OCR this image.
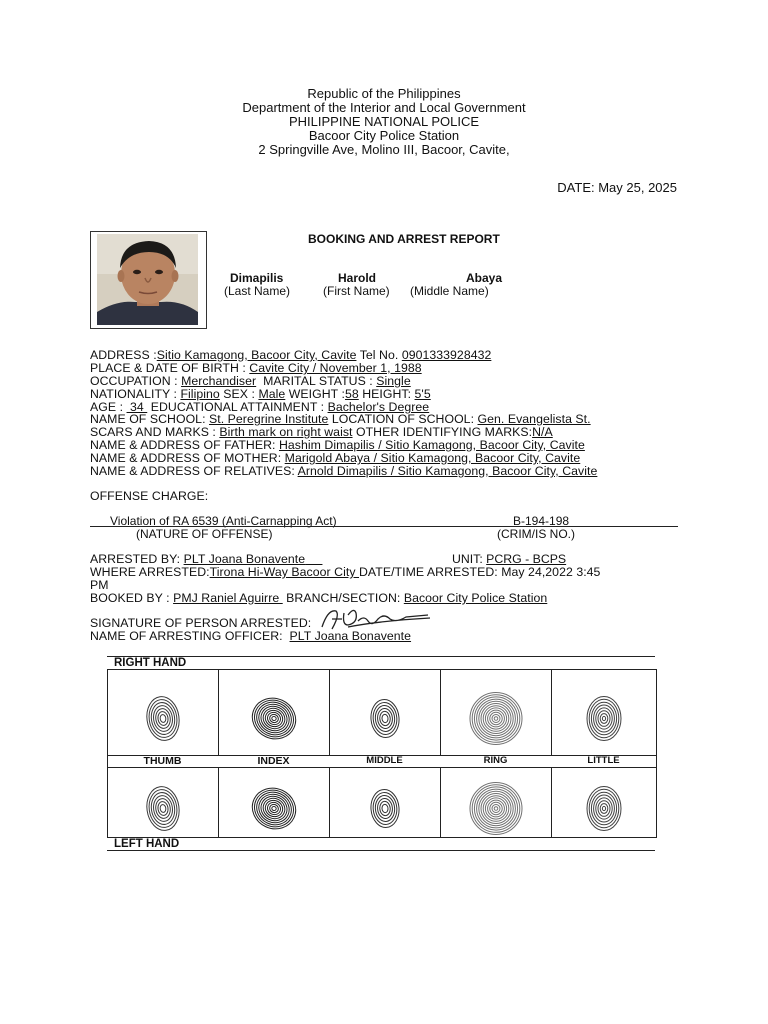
Republic of the Philippines
Department of the Interior and Local Government
PHILIPPINE NATIONAL POLICE
Bacoor City Police Station
2 Springville Ave, Molino III, Bacoor, Cavite,
DATE: May 25, 2025
BOOKING AND ARREST REPORT
Dimapilis	Harold	Abaya
(Last Name)	(First Name) (Middle Name)
ADDRESS :Sitio Kamagong, Bacoor City, Cavite Tel No. 0901333928432
PLACE & DATE OF BIRTH : Cavite City / November 1, 1988
OCCUPATION : Merchandiser  MARITAL STATUS : Single
NATIONALITY : Filipino SEX : Male WEIGHT :58 HEIGHT: 5'5
AGE :  34  EDUCATIONAL ATTAINMENT : Bachelor's Degree
NAME OF SCHOOL: St. Peregrine Institute LOCATION OF SCHOOL: Gen. Evangelista St.
SCARS AND MARKS : Birth mark on right waist OTHER IDENTIFYING MARKS:N/A
NAME & ADDRESS OF FATHER: Hashim Dimapilis / Sitio Kamagong, Bacoor City, Cavite
NAME & ADDRESS OF MOTHER: Marigold Abaya / Sitio Kamagong, Bacoor City, Cavite
NAME & ADDRESS OF RELATIVES: Arnold Dimapilis / Sitio Kamagong, Bacoor City, Cavite
OFFENSE CHARGE:
Violation of RA 6539 (Anti-Carnapping Act)	B-194-198
(NATURE OF OFFENSE)	(CRIM/IS NO.)
ARRESTED BY: PLT Joana Bonavente	UNIT: PCRG - BCPS
WHERE ARRESTED:Tirona Hi-Way Bacoor City DATE/TIME ARRESTED: May 24,2022 3:45
PM
BOOKED BY : PMJ Raniel Aguirre  BRANCH/SECTION: Bacoor City Police Station
SIGNATURE OF PERSON ARRESTED:
NAME OF ARRESTING OFFICER:  PLT Joana Bonavente
RIGHT HAND
THUMB	INDEX	MIDDLE	RING	LITTLE
LEFT HAND
